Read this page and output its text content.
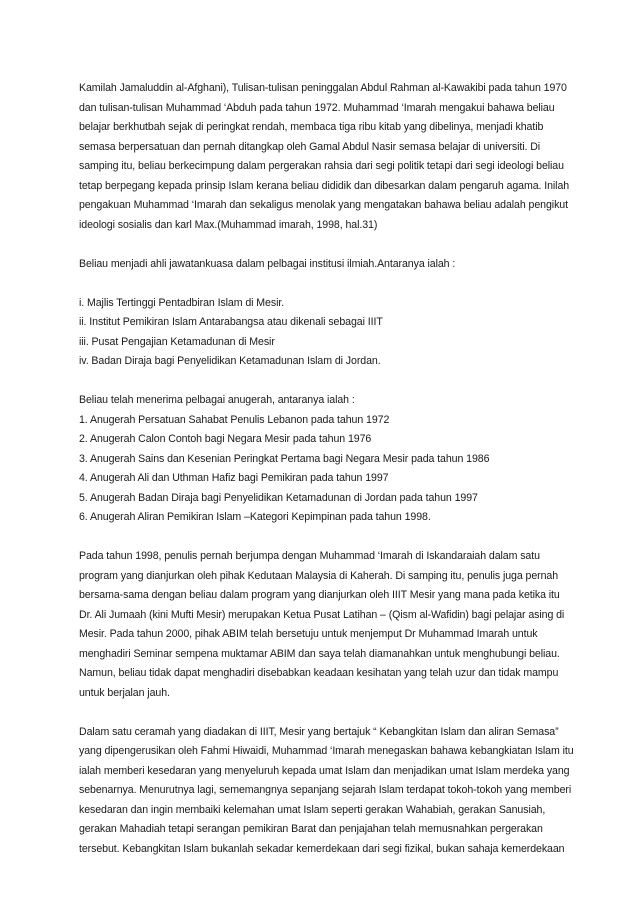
Kamilah Jamaluddin al-Afghani), Tulisan-tulisan peninggalan Abdul Rahman al-Kawakibi pada tahun 1970
dan tulisan-tulisan Muhammad ‘Abduh pada tahun 1972. Muhammad ‘Imarah mengakui bahawa beliau
belajar berkhutbah sejak di peringkat rendah, membaca tiga ribu kitab yang dibelinya, menjadi khatib
semasa berpersatuan dan pernah ditangkap oleh Gamal Abdul Nasir semasa belajar di universiti. Di
samping itu, beliau berkecimpung dalam pergerakan rahsia dari segi politik tetapi dari segi ideologi beliau
tetap berpegang kepada prinsip Islam kerana beliau dididik dan dibesarkan dalam pengaruh agama. Inilah
pengakuan Muhammad ‘Imarah dan sekaligus menolak yang mengatakan bahawa beliau adalah pengikut
ideologi sosialis dan karl Max.(Muhammad imarah, 1998, hal.31)

Beliau menjadi ahli jawatankuasa dalam pelbagai institusi ilmiah.Antaranya ialah :

i. Majlis Tertinggi Pentadbiran Islam di Mesir.
ii. Institut Pemikiran Islam Antarabangsa atau dikenali sebagai IIIT
iii. Pusat Pengajian Ketamadunan di Mesir
iv. Badan Diraja bagi Penyelidikan Ketamadunan Islam di Jordan.

Beliau telah menerima pelbagai anugerah, antaranya ialah :
1. Anugerah Persatuan Sahabat Penulis Lebanon pada tahun 1972
2. Anugerah Calon Contoh bagi Negara Mesir pada tahun 1976
3. Anugerah Sains dan Kesenian Peringkat Pertama bagi Negara Mesir pada tahun 1986
4. Anugerah Ali dan Uthman Hafiz bagi Pemikiran pada tahun 1997
5. Anugerah Badan Diraja bagi Penyelidikan Ketamadunan di Jordan pada tahun 1997
6. Anugerah Aliran Pemikiran Islam –Kategori Kepimpinan pada tahun 1998.

Pada tahun 1998, penulis pernah berjumpa dengan Muhammad ‘Imarah di Iskandaraiah dalam satu
program yang dianjurkan oleh pihak Kedutaan Malaysia di Kaherah. Di samping itu, penulis juga pernah
bersama-sama dengan beliau dalam program yang dianjurkan oleh IIIT Mesir yang mana pada ketika itu
Dr. Ali Jumaah (kini Mufti Mesir) merupakan Ketua Pusat Latihan – (Qism al-Wafidin) bagi pelajar asing di
Mesir. Pada tahun 2000, pihak ABIM telah bersetuju untuk menjemput Dr Muhammad Imarah untuk
menghadiri Seminar sempena muktamar ABIM dan saya telah diamanahkan untuk menghubungi beliau.
Namun, beliau tidak dapat menghadiri disebabkan keadaan kesihatan yang telah uzur dan tidak mampu
untuk berjalan jauh.

Dalam satu ceramah yang diadakan di IIIT, Mesir yang bertajuk “ Kebangkitan Islam dan aliran Semasa”
yang dipengerusikan oleh Fahmi Hiwaidi, Muhammad ‘Imarah menegaskan bahawa kebangkiatan Islam itu
ialah memberi kesedaran yang menyeluruh kepada umat Islam dan menjadikan umat Islam merdeka yang
sebenarnya. Menurutnya lagi, sememangnya sepanjang sejarah Islam terdapat tokoh-tokoh yang memberi
kesedaran dan ingin membaiki kelemahan umat Islam seperti gerakan Wahabiah, gerakan Sanusiah,
gerakan Mahadiah tetapi serangan pemikiran Barat dan penjajahan telah memusnahkan pergerakan
tersebut. Kebangkitan Islam bukanlah sekadar kemerdekaan dari segi fizikal, bukan sahaja kemerdekaan
